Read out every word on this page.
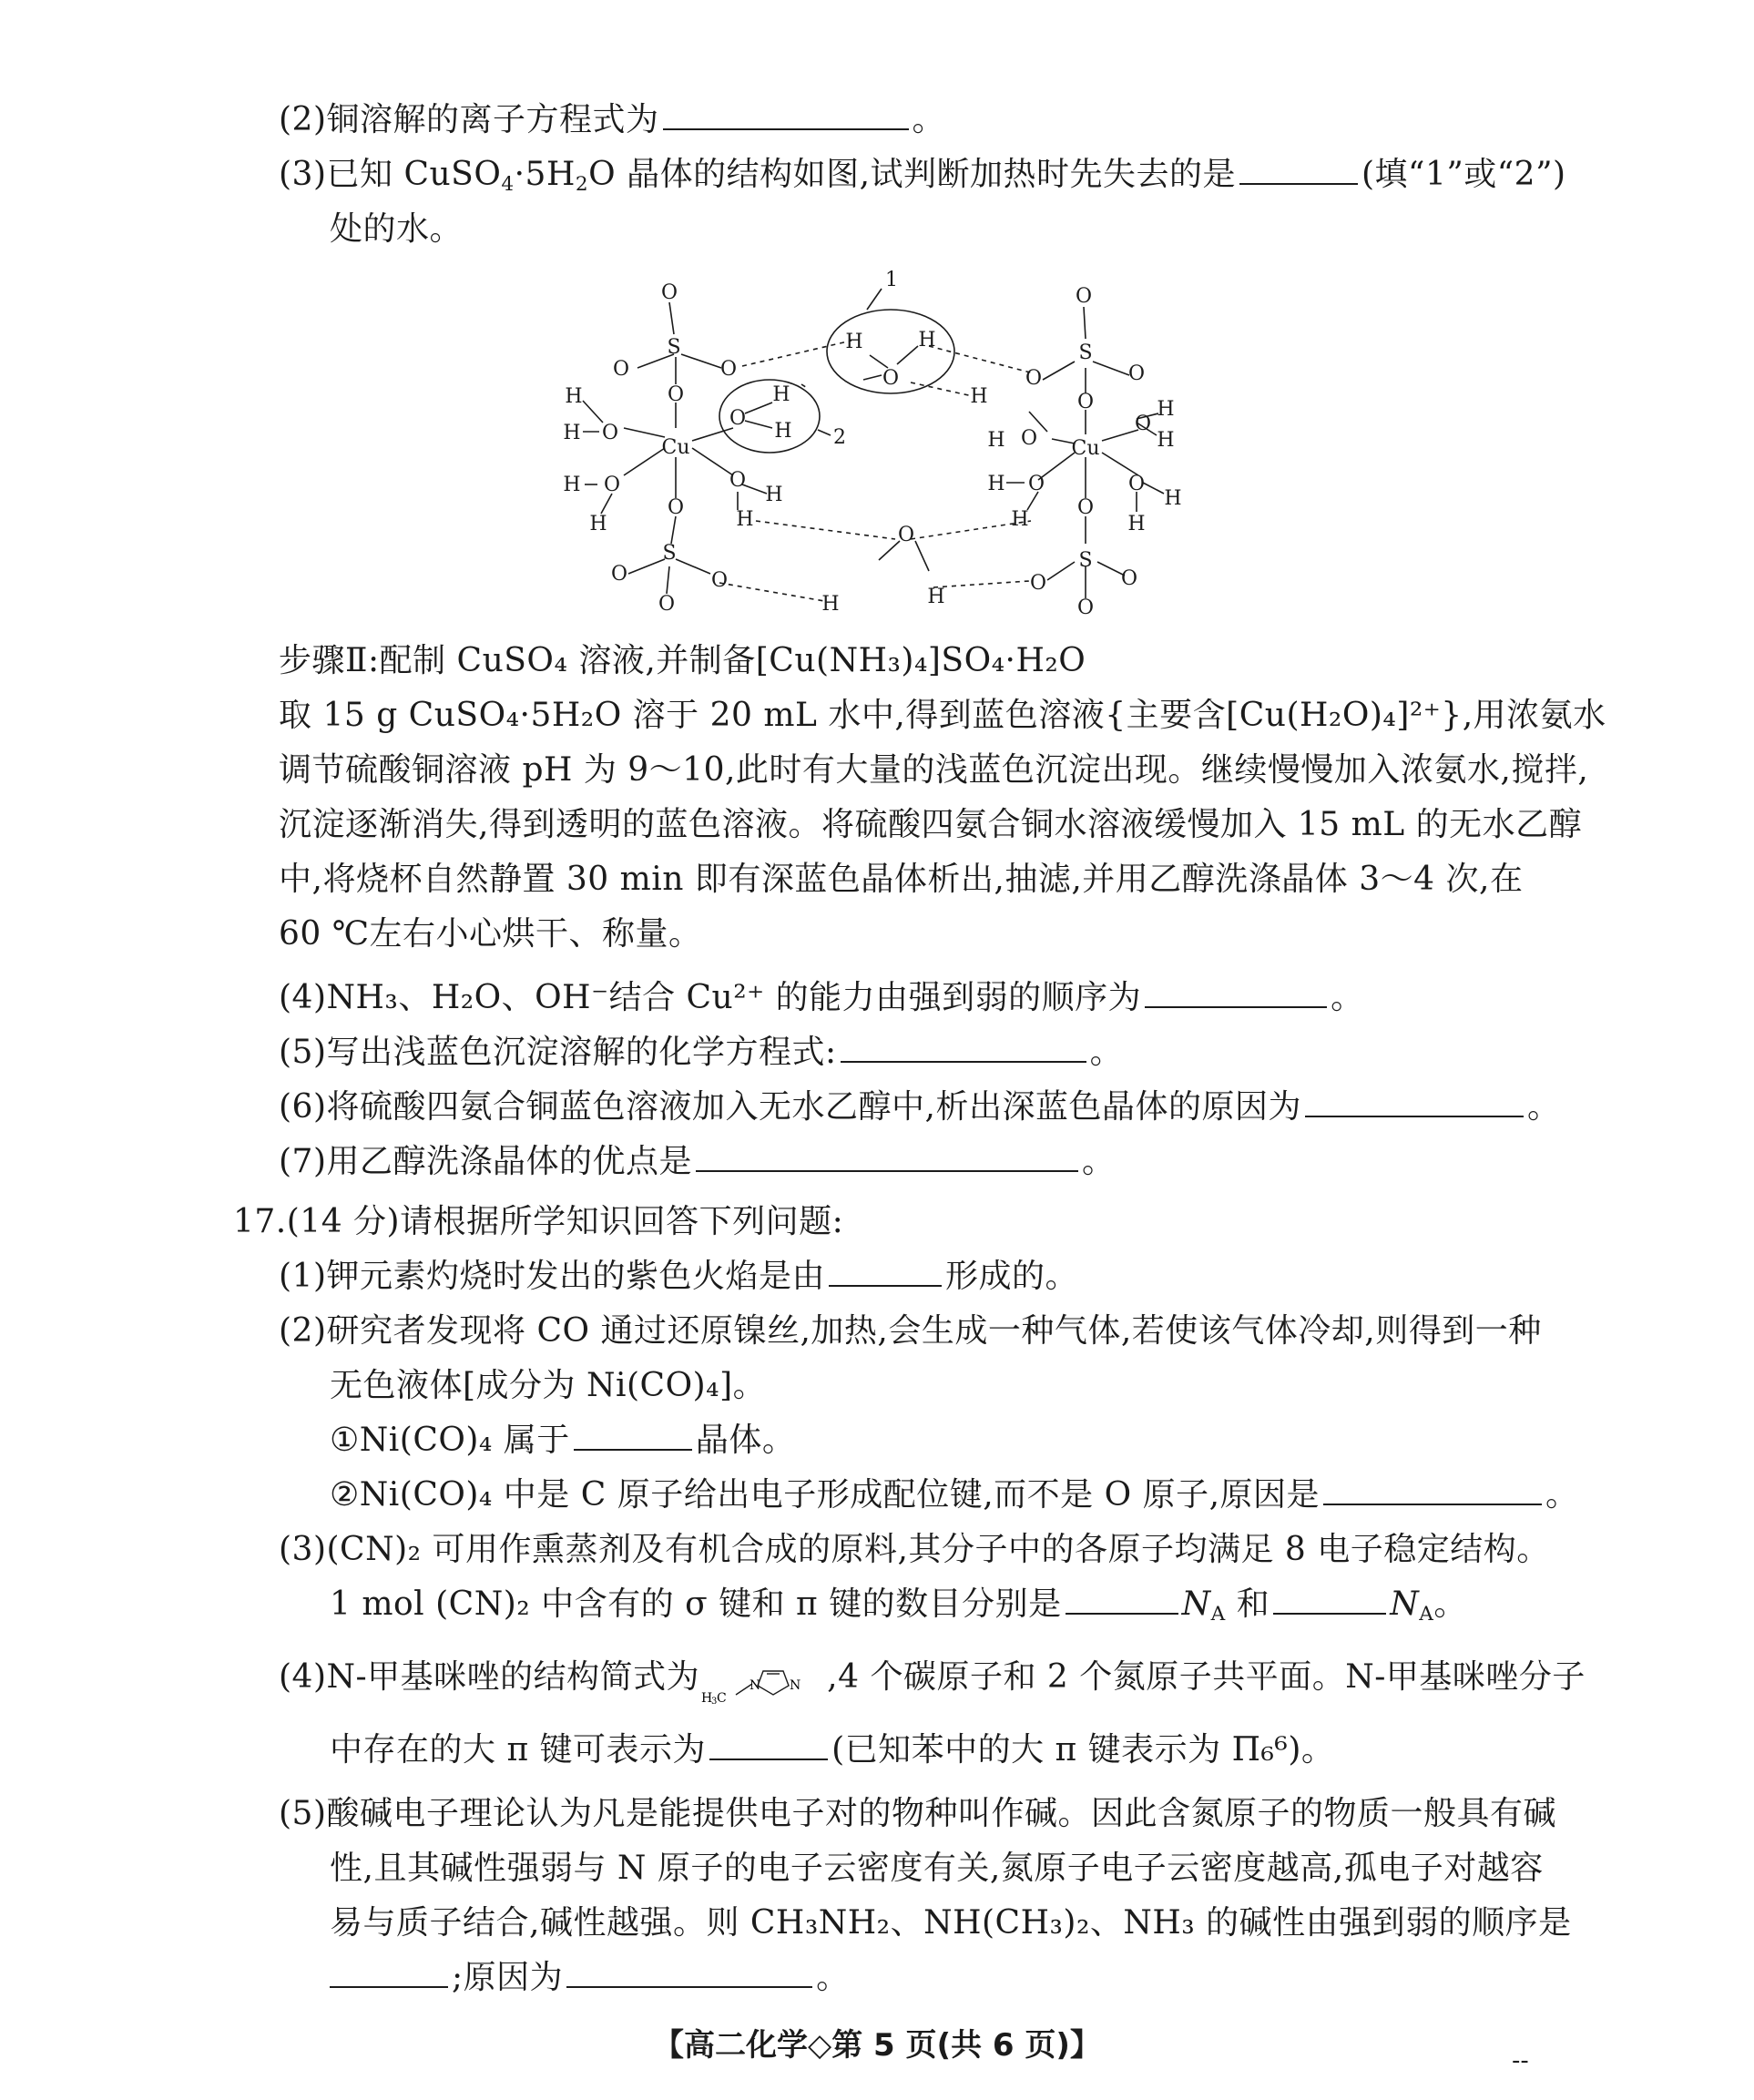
(2)铜溶解的离子方程式为	。
(3)已知 $CuSO_4\cdot 5H_2O$ 晶体的结构如图,试判断加热时先失去的是	(填“1”或“2”)
处的水。
O
S
O	O
O
H
H O
Cu
H O
H
O
H
H
O
S
O	O
O
H	H
O
H
H
O
H
1
2
O
S
O	O
O
H O Cu
O
H
H
H O
H
O
H
H
O
S
O	O
O
O
H	H
步骤Ⅱ:配制 CuSO₄ 溶液,并制备[Cu(NH₃)₄]SO₄·H₂O
取 15 g CuSO₄·5H₂O 溶于 20 mL 水中,得到蓝色溶液{主要含[Cu(H₂O)₄]²⁺},用浓氨水
调节硫酸铜溶液 pH 为 9～10,此时有大量的浅蓝色沉淀出现。继续慢慢加入浓氨水,搅拌,
沉淀逐渐消失,得到透明的蓝色溶液。将硫酸四氨合铜水溶液缓慢加入 15 mL 的无水乙醇
中,将烧杯自然静置 30 min 即有深蓝色晶体析出,抽滤,并用乙醇洗涤晶体 3～4 次,在
60 ℃左右小心烘干、称量。
(4)NH₃、H₂O、OH⁻结合 Cu²⁺ 的能力由强到弱的顺序为	。
(5)写出浅蓝色沉淀溶解的化学方程式:	。
(6)将硫酸四氨合铜蓝色溶液加入无水乙醇中,析出深蓝色晶体的原因为	。
(7)用乙醇洗涤晶体的优点是	。
17.(14 分)请根据所学知识回答下列问题:
(1)钾元素灼烧时发出的紫色火焰是由	形成的。
(2)研究者发现将 CO 通过还原镍丝,加热,会生成一种气体,若使该气体冷却,则得到一种
无色液体[成分为 Ni(CO)₄]。
①Ni(CO)₄ 属于	晶体。
②Ni(CO)₄ 中是 C 原子给出电子形成配位键,而不是 O 原子,原因是	。
(3)(CN)₂ 可用作熏蒸剂及有机合成的原料,其分子中的各原子均满足 8 电子稳定结构。
1 mol (CN)₂ 中含有的 σ 键和 π 键的数目分别是	$N_A$ 和	$N_A$。
(4)N-甲基咪唑的结构简式为
H
3 C
N N ,4 个碳原子和 2 个氮原子共平面。N-甲基咪唑分子
中存在的大 π 键可表示为	(已知苯中的大 π 键表示为 Π₆⁶)。
(5)酸碱电子理论认为凡是能提供电子对的物种叫作碱。因此含氮原子的物质一般具有碱
性,且其碱性强弱与 N 原子的电子云密度有关,氮原子电子云密度越高,孤电子对越容
易与质子结合,碱性越强。则 CH₃NH₂、NH(CH₃)₂、NH₃ 的碱性由强到弱的顺序是
;原因为	。
【高二化学◇第 5 页(共 6 页)】	--
